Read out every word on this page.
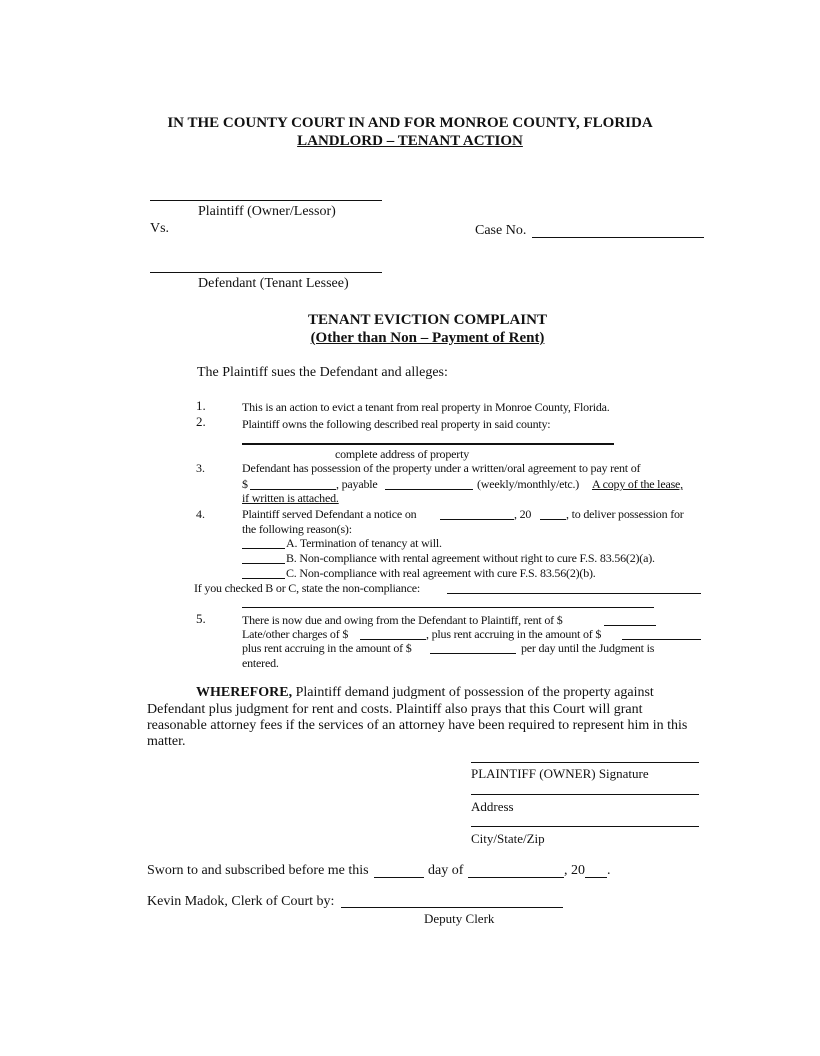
IN THE COUNTY COURT IN AND FOR MONROE COUNTY, FLORIDA
LANDLORD – TENANT ACTION
Plaintiff (Owner/Lessor)
Vs.	Case No.
Defendant (Tenant Lessee)
TENANT EVICTION COMPLAINT
(Other than Non – Payment of Rent)
The Plaintiff sues the Defendant and alleges:
1.	This is an action to evict a tenant from real property in Monroe County, Florida.
2.	Plaintiff owns the following described real property in said county:
complete address of property
3.	Defendant has possession of the property under a written/oral agreement to pay rent of
$	, payable	(weekly/monthly/etc.) A copy of the lease,
if written is attached.
4.	Plaintiff served Defendant a notice on	, 20	, to deliver possession for
the following reason(s):
A. Termination of tenancy at will.
B. Non-compliance with rental agreement without right to cure F.S. 83.56(2)(a).
C. Non-compliance with real agreement with cure F.S. 83.56(2)(b).
If you checked B or C, state the non-compliance:
5.	There is now due and owing from the Defendant to Plaintiff, rent of $
Late/other charges of $	, plus rent accruing in the amount of $
plus rent accruing in the amount of $	per day until the Judgment is
entered.
WHEREFORE, Plaintiff demand judgment of possession of the property against
Defendant plus judgment for rent and costs. Plaintiff also prays that this Court will grant
reasonable attorney fees if the services of an attorney have been required to represent him in this
matter.
PLAINTIFF (OWNER) Signature
Address
City/State/Zip
Sworn to and subscribed before me this	day of	, 20 .
Kevin Madok, Clerk of Court by:
Deputy Clerk
